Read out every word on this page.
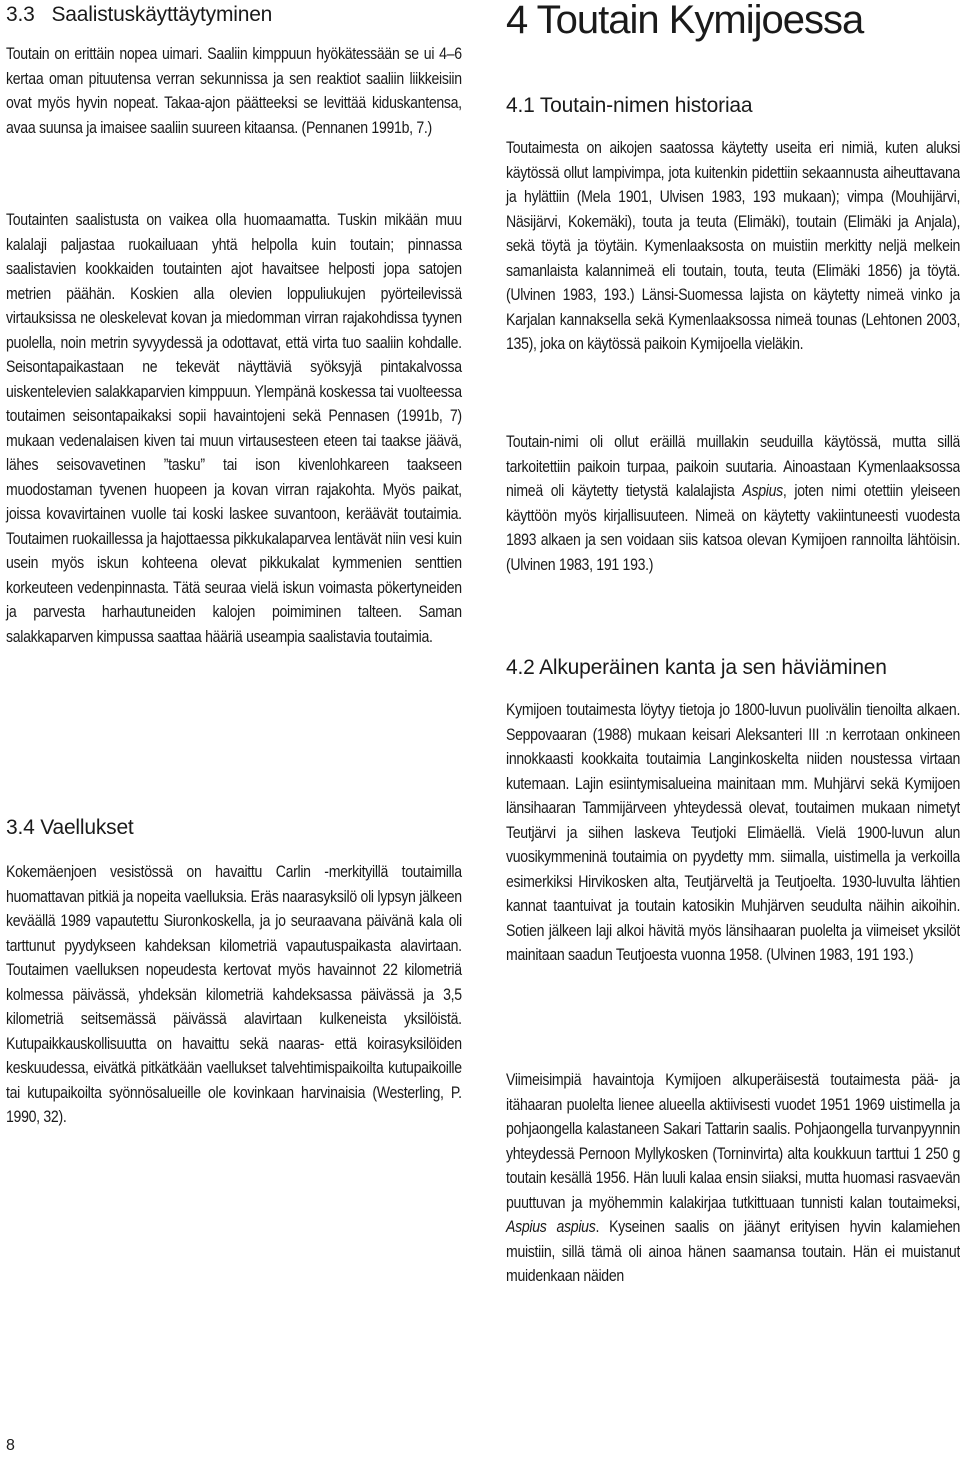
3.3   Saalistuskäyttäytyminen

Toutain on erittäin nopea uimari. Saaliin kimppuun hyökätessään se ui 4–6 kertaa oman pituutensa verran sekunnissa ja sen reaktiot saaliin liikkeisiin ovat myös hyvin nopeat. Takaa-ajon päätteeksi se levittää kiduskantensa, avaa suunsa ja imaisee saaliin suureen kitaansa. (Pennanen 1991b, 7.)

Toutainten saalistusta on vaikea olla huomaamatta. Tuskin mikään muu kalalaji paljastaa ruokailuaan yhtä helpolla kuin toutain; pinnassa saalistavien kookkaiden toutainten ajot havaitsee helposti jopa satojen metrien päähän. Koskien alla olevien loppuliukujen pyörteilevissä virtauksissa ne oleskelevat kovan ja miedomman virran rajakohdissa tyynen puolella, noin metrin syvyydessä ja odottavat, että virta tuo saaliin kohdalle. Seisontapaikastaan ne tekevät näyttäviä syöksyjä pintakalvossa uiskentelevien salakkaparvien kimppuun. Ylempänä koskessa tai vuolteessa toutaimen seisontapaikaksi sopii havaintojeni sekä Pennasen (1991b, 7) mukaan vedenalaisen kiven tai muun virtausesteen eteen tai taakse jäävä, lähes seisovavetinen ”tasku” tai ison kivenlohkareen taakseen muodostaman tyvenen huopeen ja kovan virran rajakohta. Myös paikat, joissa kovavirtainen vuolle tai koski laskee suvantoon, keräävät toutaimia. Toutaimen ruokaillessa ja hajottaessa pikkukalaparvea lentävät niin vesi kuin usein myös iskun kohteena olevat pikkukalat kymmenien senttien korkeuteen vedenpinnasta. Tätä seuraa vielä iskun voimasta pökertyneiden ja parvesta harhautuneiden kalojen poimiminen talteen. Saman salakkaparven kimpussa saattaa hääriä useampia saalistavia toutaimia.

3.4 Vaellukset

Kokemäenjoen vesistössä on havaittu Carlin -merkityillä toutaimilla huomattavan pitkiä ja nopeita vaelluksia. Eräs naarasyksilö oli lypsyn jälkeen keväällä 1989 vapautettu Siuronkoskella, ja jo seuraavana päivänä kala oli tarttunut pyydykseen kahdeksan kilometriä vapautuspaikasta alavirtaan. Toutaimen vaelluksen nopeudesta kertovat myös havainnot 22 kilometriä kolmessa päivässä, yhdeksän kilometriä kahdeksassa päivässä ja 3,5 kilometriä seitsemässä päivässä alavirtaan kulkeneista yksilöistä. Kutupaikkauskollisuutta on havaittu sekä naaras- että koirasyksilöiden keskuudessa, eivätkä pitkätkään vaellukset talvehtimispaikoilta kutupaikoille tai kutupaikoilta syönnösalueille ole kovinkaan harvinaisia (Westerling, P. 1990, 32).

8
4 Toutain Kymijoessa
4.1 Toutain-nimen historiaa

Toutaimesta on aikojen saatossa käytetty useita eri nimiä, kuten aluksi käytössä ollut lampivimpa, jota kuitenkin pidettiin sekaannusta aiheuttavana ja hylättiin (Mela 1901, Ulvisen 1983, 193 mukaan); vimpa (Mouhijärvi, Näsijärvi, Kokemäki), touta ja teuta (Elimäki), toutain (Elimäki ja Anjala), sekä töytä ja töytäin. Kymenlaaksosta on muistiin merkitty neljä melkein samanlaista kalannimeä eli toutain, touta, teuta (Elimäki 1856) ja töytä. (Ulvinen 1983, 193.) Länsi-Suomessa lajista on käytetty nimeä vinko ja Karjalan kannaksella sekä Kymenlaaksossa nimeä tounas (Lehtonen 2003, 135), joka on käytössä paikoin Kymijoella vieläkin.

Toutain-nimi oli ollut eräillä muillakin seuduilla käytössä, mutta sillä tarkoitettiin paikoin turpaa, paikoin suutaria. Ainoastaan Kymenlaaksossa nimeä oli käytetty tietystä kalalajista Aspius, joten nimi otettiin yleiseen käyttöön myös kirjallisuuteen. Nimeä on käytetty vakiintuneesti vuodesta 1893 alkaen ja sen voidaan siis katsoa olevan Kymijoen rannoilta lähtöisin. (Ulvinen 1983, 191 193.)

4.2 Alkuperäinen kanta ja sen häviäminen

Kymijoen toutaimesta löytyy tietoja jo 1800-luvun puolivälin tienoilta alkaen. Seppovaaran (1988) mukaan keisari Aleksanteri III :n kerrotaan onkineen innokkaasti kookkaita toutaimia Langinkoskelta niiden noustessa virtaan kutemaan. Lajin esiintymisalueina mainitaan mm. Muhjärvi sekä Kymijoen länsihaaran Tammijärveen yhteydessä olevat, toutaimen mukaan nimetyt Teutjärvi ja siihen laskeva Teutjoki Elimäellä. Vielä 1900-luvun alun vuosikymmeninä toutaimia on pyydetty mm. siimalla, uistimella ja verkoilla esimerkiksi Hirvikosken alta, Teutjärveltä ja Teutjoelta. 1930-luvulta lähtien kannat taantuivat ja toutain katosikin Muhjärven seudulta näihin aikoihin. Sotien jälkeen laji alkoi hävitä myös länsihaaran puolelta ja viimeiset yksilöt mainitaan saadun Teutjoesta vuonna 1958. (Ulvinen 1983, 191 193.)

Viimeisimpiä havaintoja Kymijoen alkuperäisestä toutaimesta pää- ja itähaaran puolelta lienee alueella aktiivisesti vuodet 1951 1969 uistimella ja pohjaongella kalastaneen Sakari Tattarin saalis. Pohjaongella turvanpyynnin yhteydessä Pernoon Myllykosken (Torninvirta) alta koukkuun tarttui 1 250 g toutain kesällä 1956. Hän luuli kalaa ensin siiaksi, mutta huomasi rasvaevän puuttuvan ja myöhemmin kalakirjaa tutkittuaan tunnisti kalan toutaimeksi, Aspius aspius. Kyseinen saalis on jäänyt erityisen hyvin kalamiehen muistiin, sillä tämä oli ainoa hänen saamansa toutain. Hän ei muistanut muidenkaan näiden
